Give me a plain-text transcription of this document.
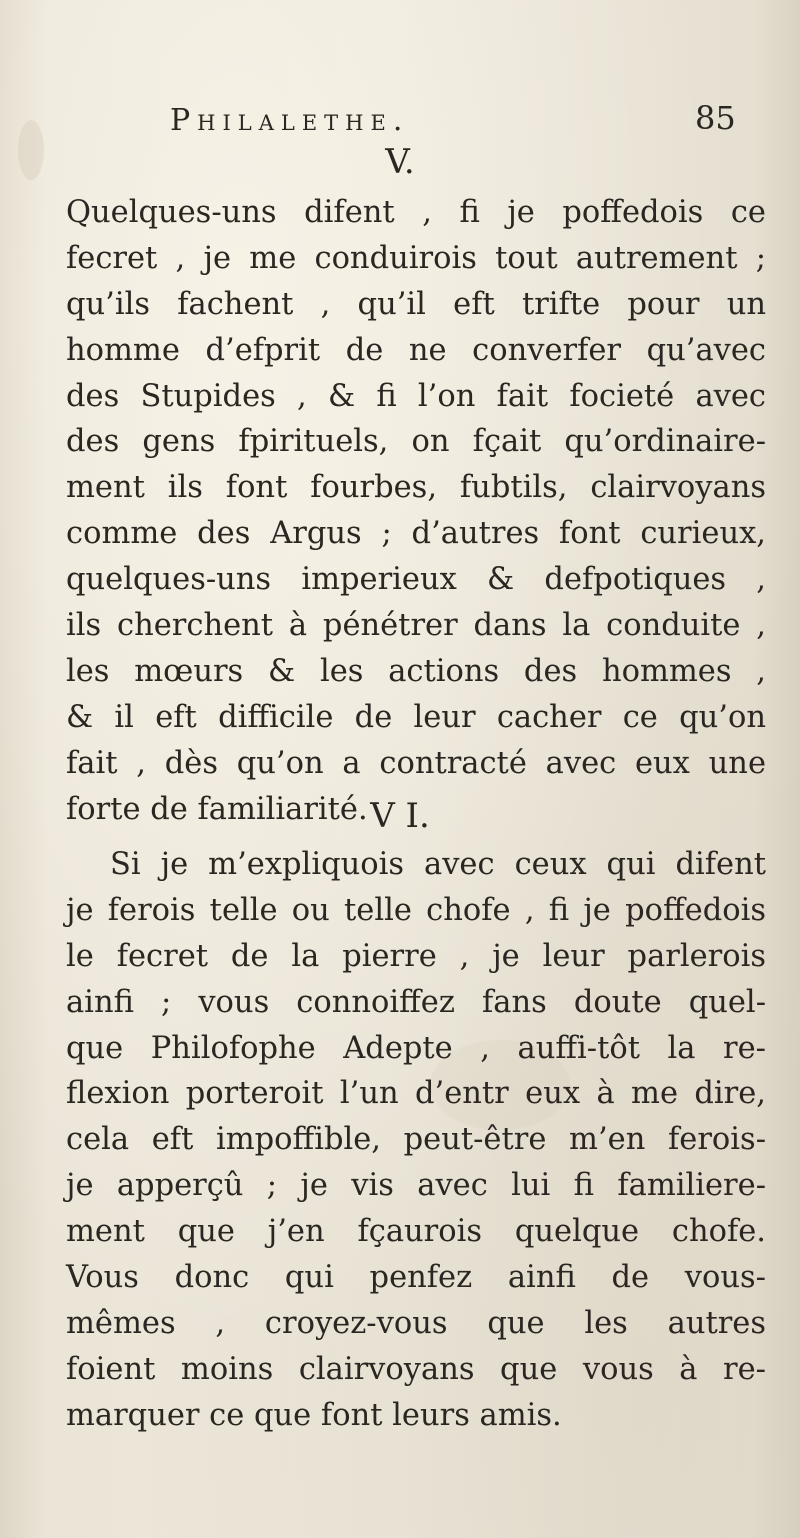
Philalethe.	85
V.
Quelques-uns difent , fi je poffedois ce
fecret , je me conduirois tout autrement ;
qu’ils fachent , qu’il eft trifte pour un
homme d’efprit de ne converfer qu’avec
des Stupides , & fi l’on fait focieté avec
des gens fpirituels, on fçait qu’ordinaire-
ment ils font fourbes, fubtils, clairvoyans
comme des Argus ; d’autres font curieux,
quelques-uns imperieux & defpotiques ,
ils cherchent à pénétrer dans la conduite ,
les mœurs & les actions des hommes ,
& il eft difficile de leur cacher ce qu’on
fait , dès qu’on a contracté avec eux une
forte de familiarité. V I.
Si je m’expliquois avec ceux qui difent
je ferois telle ou telle chofe , fi je poffedois
le fecret de la pierre , je leur parlerois
ainfi ; vous connoiffez fans doute quel-
que Philofophe Adepte , auffi-tôt la re-
flexion porteroit l’un d’entr eux à me dire,
cela eft impoffible, peut-être m’en ferois-
je apperçû ; je vis avec lui fi familiere-
ment que j’en fçaurois quelque chofe.
Vous donc qui penfez ainfi de vous-
mêmes , croyez-vous que les autres
foient moins clairvoyans que vous à re-
marquer ce que font leurs amis.
